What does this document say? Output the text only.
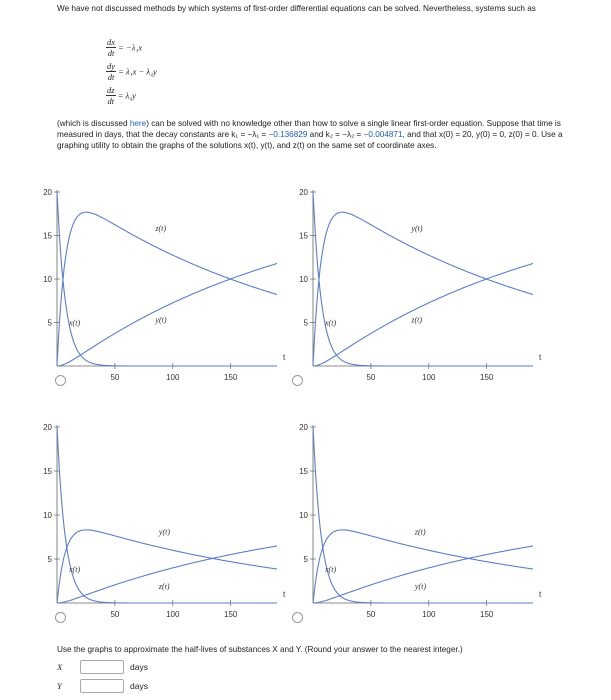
We have not discussed methods by which systems of first-order differential equations can be solved. Nevertheless, systems such as

$\frac{dx}{dt} = -\lambda_1x$
$\frac{dy}{dt} = \lambda_1x - \lambda_2y$
$\frac{dz}{dt} = \lambda_2y$

(which is discussed here) can be solved with no knowledge other than how to solve a single linear first-order equation. Suppose that time is measured in days, that the decay constants are k₁ = −λ₁ = −0.136829 and k₂ = −λ₂ = −0.004871, and that x(0) = 20, y(0) = 0, z(0) = 0. Use a graphing utility to obtain the graphs of the solutions x(t), y(t), and z(t) on the same set of coordinate axes.

5
10
15
20
50	100	150
t
x(t)
z(t)
y(t)	5
10
15
20
50	100	150
t
x(t)
y(t)
z(t)
5
10
15
20
50	100	150
t
x(t)
y(t)
z(t)
5
10
15
20
50	100	150
t
x(t)
z(t)
y(t)

Use the graphs to approximate the half-lives of substances X and Y. (Round your answer to the nearest integer.)

X	days
Y	days
